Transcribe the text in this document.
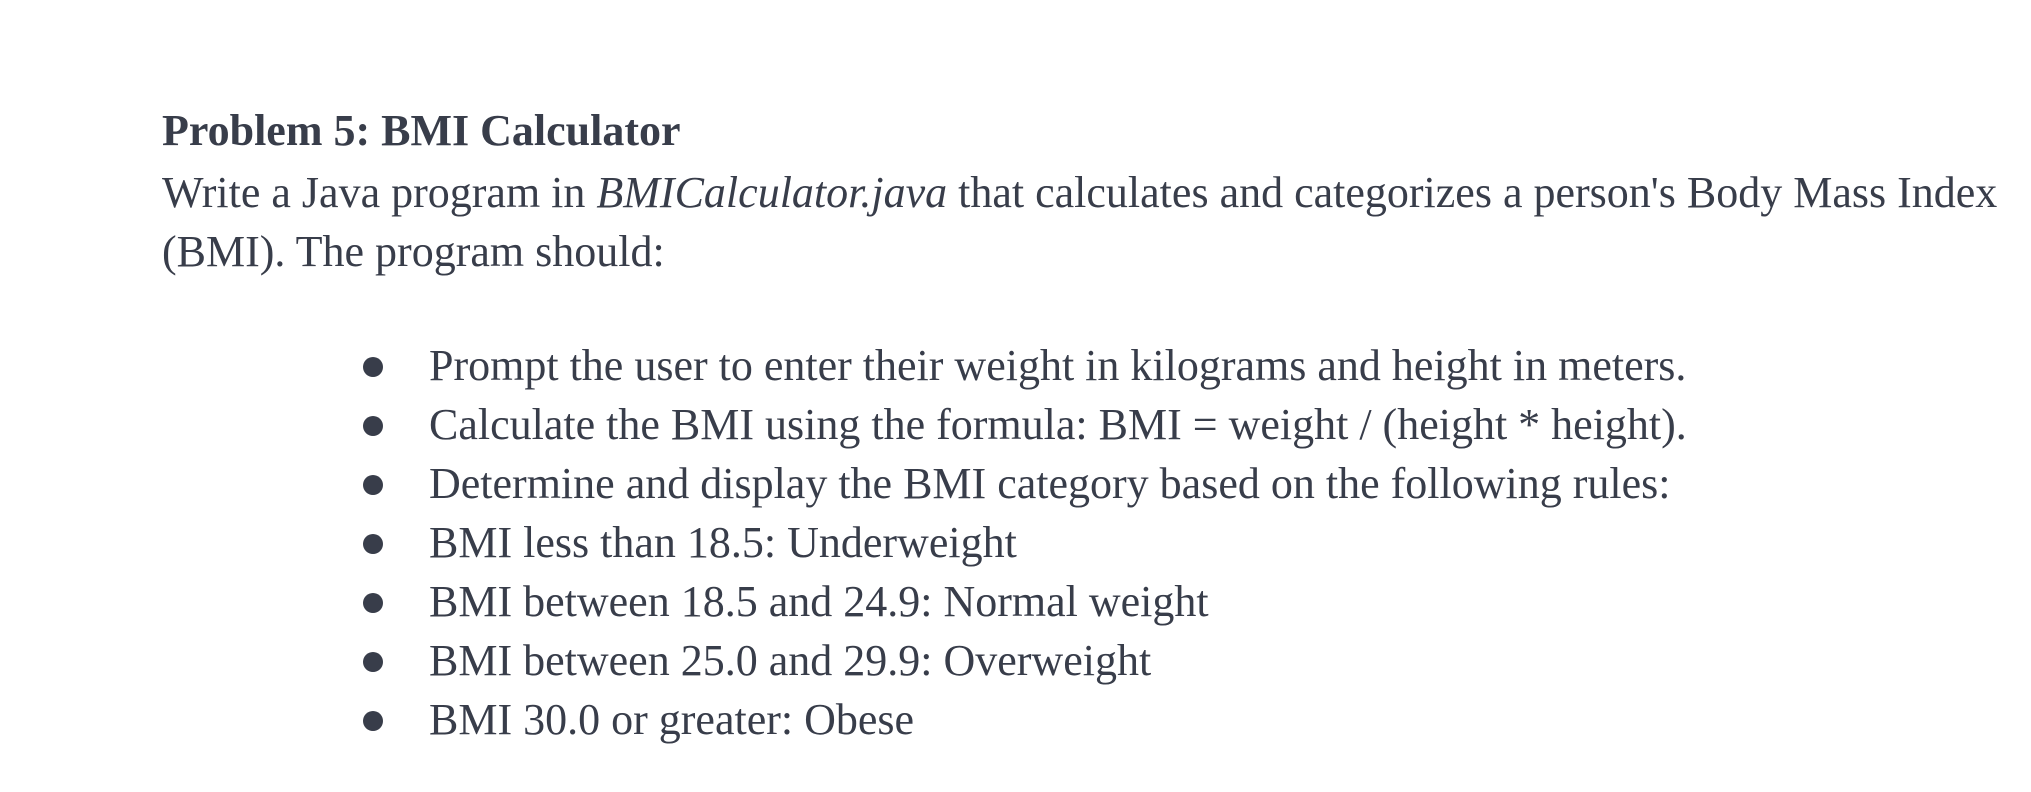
Problem 5: BMI Calculator

Write a Java program in BMICalculator.java that calculates and categorizes a person's Body Mass Index (BMI). The program should:

Prompt the user to enter their weight in kilograms and height in meters.
Calculate the BMI using the formula: BMI = weight / (height * height).
Determine and display the BMI category based on the following rules:
BMI less than 18.5: Underweight
BMI between 18.5 and 24.9: Normal weight
BMI between 25.0 and 29.9: Overweight
BMI 30.0 or greater: Obese
